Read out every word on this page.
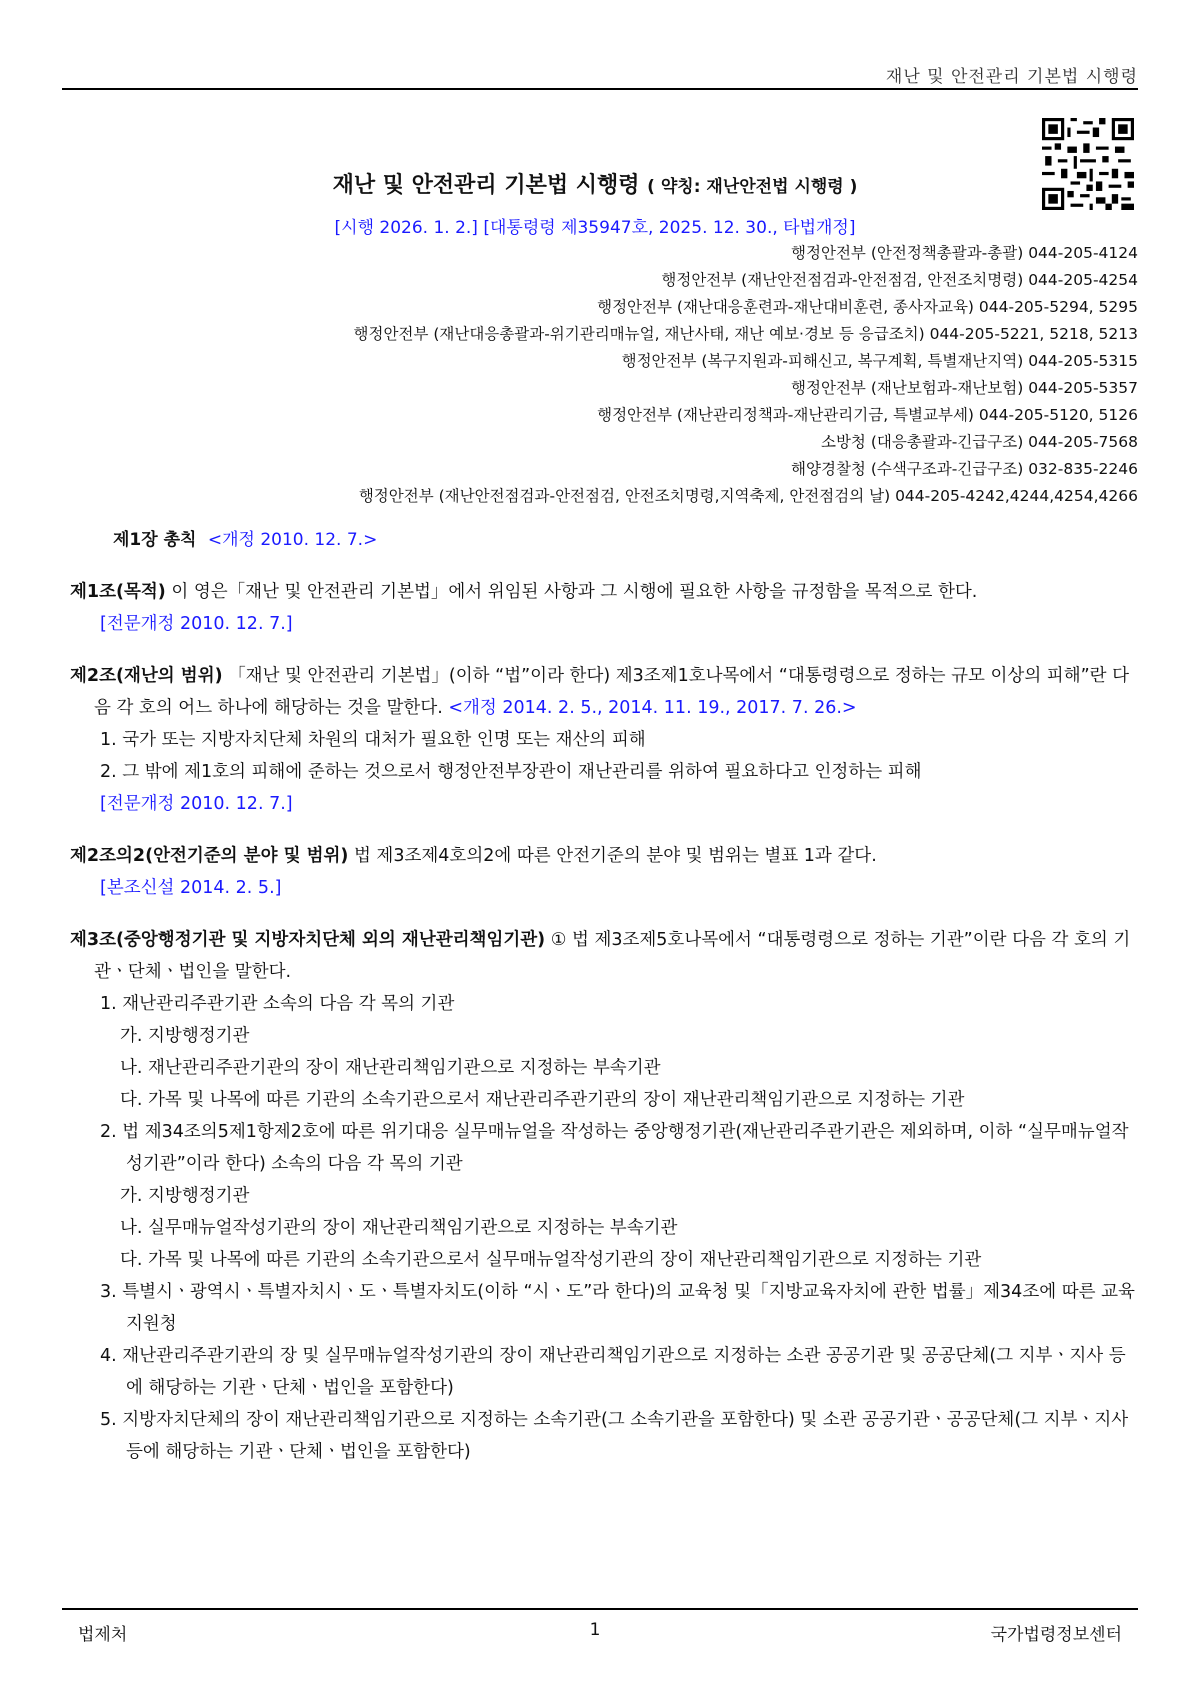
재난 및 안전관리 기본법 시행령
재난 및 안전관리 기본법 시행령 ( 약칭: 재난안전법 시행령 )
[시행 2026. 1. 2.] [대통령령 제35947호, 2025. 12. 30., 타법개정]
행정안전부 (안전정책총괄과-총괄) 044-205-4124
행정안전부 (재난안전점검과-안전점검, 안전조치명령) 044-205-4254
행정안전부 (재난대응훈련과-재난대비훈련, 종사자교육) 044-205-5294, 5295
행정안전부 (재난대응총괄과-위기관리매뉴얼, 재난사태, 재난 예보·경보 등 응급조치) 044-205-5221, 5218, 5213
행정안전부 (복구지원과-피해신고, 복구계획, 특별재난지역) 044-205-5315
행정안전부 (재난보험과-재난보험) 044-205-5357
행정안전부 (재난관리정책과-재난관리기금, 특별교부세) 044-205-5120, 5126
소방청 (대응총괄과-긴급구조) 044-205-7568
해양경찰청 (수색구조과-긴급구조) 032-835-2246
행정안전부 (재난안전점검과-안전점검, 안전조치명령,지역축제, 안전점검의 날) 044-205-4242,4244,4254,4266
제1장 총칙 <개정 2010. 12. 7.>
제1조(목적) 이 영은「재난 및 안전관리 기본법」에서 위임된 사항과 그 시행에 필요한 사항을 규정함을 목적으로 한다.
[전문개정 2010. 12. 7.]
제2조(재난의 범위) 「재난 및 안전관리 기본법」(이하 “법”이라 한다) 제3조제1호나목에서 “대통령령으로 정하는 규모 이상의 피해”란 다음 각 호의 어느 하나에 해당하는 것을 말한다. <개정 2014. 2. 5., 2014. 11. 19., 2017. 7. 26.>
1. 국가 또는 지방자치단체 차원의 대처가 필요한 인명 또는 재산의 피해
2. 그 밖에 제1호의 피해에 준하는 것으로서 행정안전부장관이 재난관리를 위하여 필요하다고 인정하는 피해
[전문개정 2010. 12. 7.]
제2조의2(안전기준의 분야 및 범위) 법 제3조제4호의2에 따른 안전기준의 분야 및 범위는 별표 1과 같다.
[본조신설 2014. 2. 5.]
제3조(중앙행정기관 및 지방자치단체 외의 재난관리책임기관) ① 법 제3조제5호나목에서 “대통령령으로 정하는 기관”이란 다음 각 호의 기관ㆍ단체ㆍ법인을 말한다.
1. 재난관리주관기관 소속의 다음 각 목의 기관
가. 지방행정기관
나. 재난관리주관기관의 장이 재난관리책임기관으로 지정하는 부속기관
다. 가목 및 나목에 따른 기관의 소속기관으로서 재난관리주관기관의 장이 재난관리책임기관으로 지정하는 기관
2. 법 제34조의5제1항제2호에 따른 위기대응 실무매뉴얼을 작성하는 중앙행정기관(재난관리주관기관은 제외하며, 이하 “실무매뉴얼작성기관”이라 한다) 소속의 다음 각 목의 기관
가. 지방행정기관
나. 실무매뉴얼작성기관의 장이 재난관리책임기관으로 지정하는 부속기관
다. 가목 및 나목에 따른 기관의 소속기관으로서 실무매뉴얼작성기관의 장이 재난관리책임기관으로 지정하는 기관
3. 특별시ㆍ광역시ㆍ특별자치시ㆍ도ㆍ특별자치도(이하 “시ㆍ도”라 한다)의 교육청 및「지방교육자치에 관한 법률」제34조에 따른 교육지원청
4. 재난관리주관기관의 장 및 실무매뉴얼작성기관의 장이 재난관리책임기관으로 지정하는 소관 공공기관 및 공공단체(그 지부ㆍ지사 등에 해당하는 기관ㆍ단체ㆍ법인을 포함한다)
5. 지방자치단체의 장이 재난관리책임기관으로 지정하는 소속기관(그 소속기관을 포함한다) 및 소관 공공기관ㆍ공공단체(그 지부ㆍ지사 등에 해당하는 기관ㆍ단체ㆍ법인을 포함한다)
법제처	1	국가법령정보센터
